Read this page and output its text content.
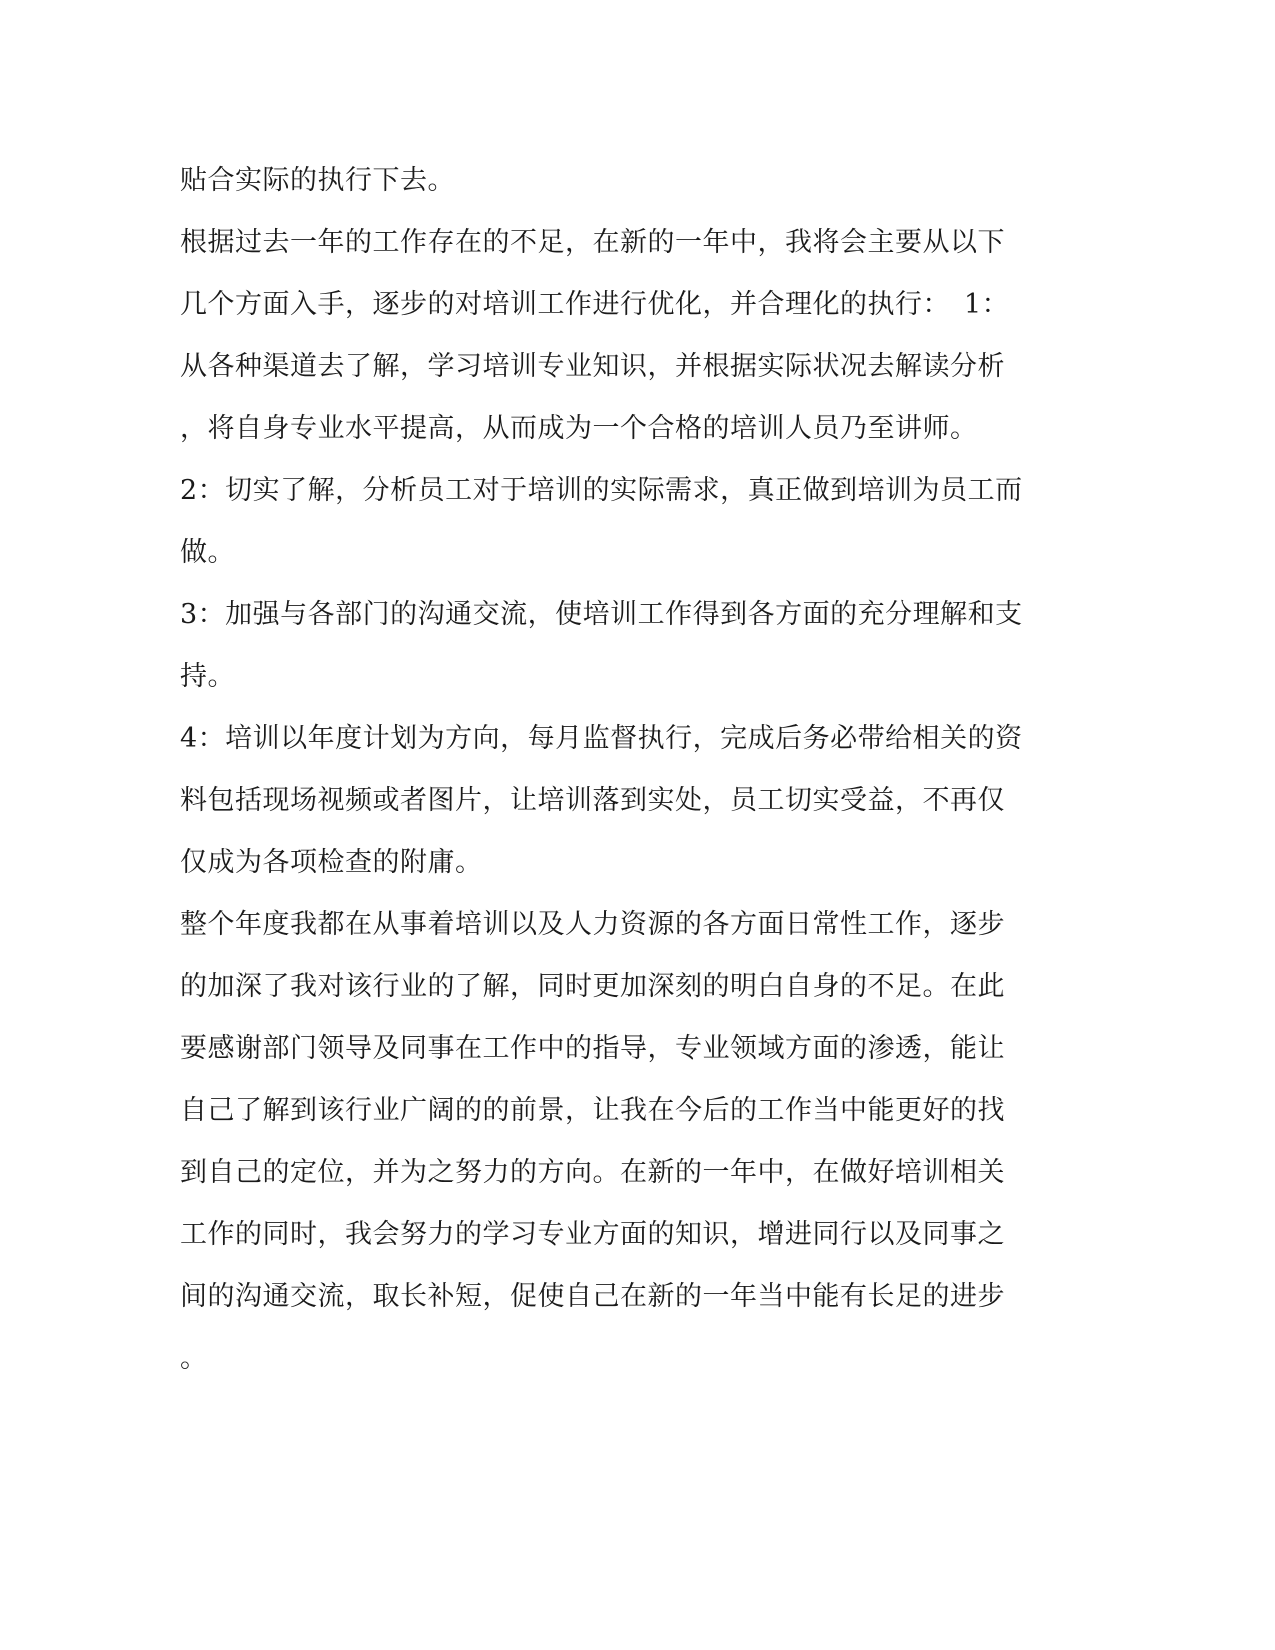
贴合实际的执行下去。
根据过去一年的工作存在的不足，在新的一年中，我将会主要从以下
几个方面入手，逐步的对培训工作进行优化，并合理化的执行：　1：
从各种渠道去了解，学习培训专业知识，并根据实际状况去解读分析
，将自身专业水平提高，从而成为一个合格的培训人员乃至讲师。
2：切实了解，分析员工对于培训的实际需求，真正做到培训为员工而
做。
3：加强与各部门的沟通交流，使培训工作得到各方面的充分理解和支
持。
4：培训以年度计划为方向，每月监督执行，完成后务必带给相关的资
料包括现场视频或者图片，让培训落到实处，员工切实受益，不再仅
仅成为各项检查的附庸。
整个年度我都在从事着培训以及人力资源的各方面日常性工作，逐步
的加深了我对该行业的了解，同时更加深刻的明白自身的不足。在此
要感谢部门领导及同事在工作中的指导，专业领域方面的渗透，能让
自己了解到该行业广阔的的前景，让我在今后的工作当中能更好的找
到自己的定位，并为之努力的方向。在新的一年中，在做好培训相关
工作的同时，我会努力的学习专业方面的知识，增进同行以及同事之
间的沟通交流，取长补短，促使自己在新的一年当中能有长足的进步
。
